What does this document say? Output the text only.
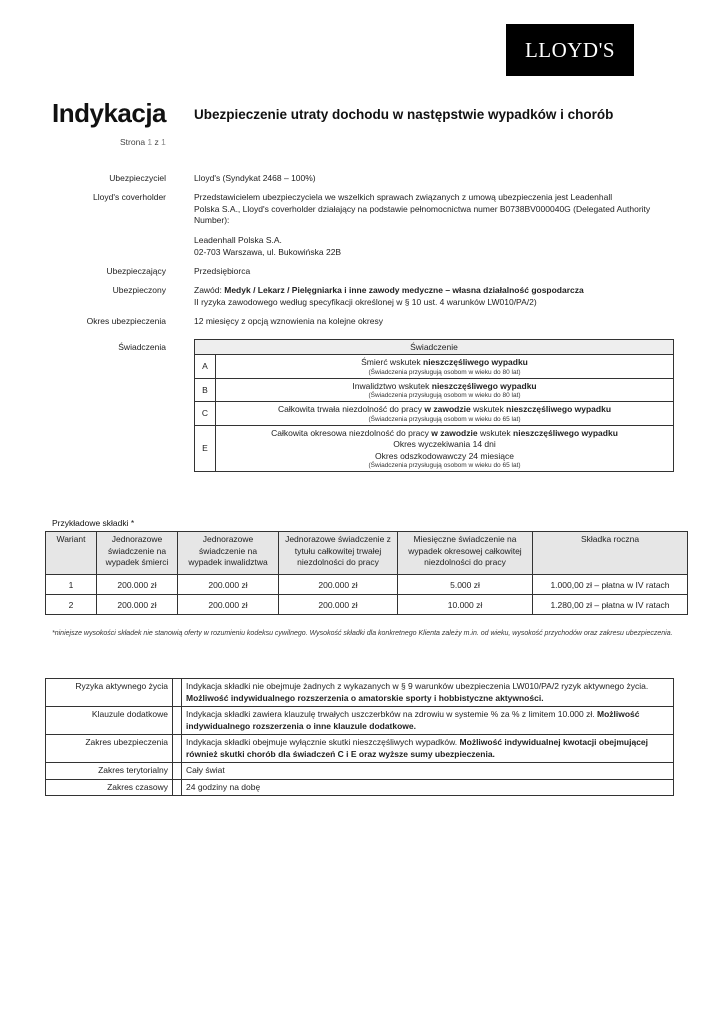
LLOYD'S
Indykacja Ubezpieczenie utraty dochodu w następstwie wypadków i chorób
Strona 1 z 1
Ubezpieczyciel	Lloyd's (Syndykat 2468 – 100%)
Lloyd's coverholder	Przedstawicielem ubezpieczyciela we wszelkich sprawach związanych z umową ubezpieczenia jest Leadenhall
Polska S.A., Lloyd's coverholder działający na podstawie pełnomocnictwa numer B0738BV000040G (Delegated Authority
Number):
Leadenhall Polska S.A.
02-703 Warszawa, ul. Bukowińska 22B
Ubezpieczający	Przedsiębiorca
Ubezpieczony	Zawód: Medyk / Lekarz / Pielęgniarka i inne zawody medyczne – własna działalność gospodarcza
II ryzyka zawodowego według specyfikacji określonej w § 10 ust. 4 warunków LW010/PA/2)
Okres ubezpieczenia	12 miesięcy z opcją wznowienia na kolejne okresy
Świadczenia	Świadczenie	
A	Śmierć wskutek nieszczęśliwego wypadku
(Świadczenia przysługują osobom w wieku do 80 lat)

B	Inwalidztwo wskutek nieszczęśliwego wypadku
(Świadczenia przysługują osobom w wieku do 80 lat)

C	Całkowita trwała niezdolność do pracy w zawodzie wskutek nieszczęśliwego wypadku
(Świadczenia przysługują osobom w wieku do 65 lat)

E	Całkowita okresowa niezdolność do pracy w zawodzie wskutek nieszczęśliwego wypadku
Okres wyczekiwania 14 dni
Okres odszkodowawczy 24 miesiące
(Świadczenia przysługują osobom w wieku do 65 lat)
Przykładowe składki *
Wariant	Jednorazowe świadczenie na wypadek śmierci	Jednorazowe świadczenie na wypadek inwalidztwa	Jednorazowe świadczenie z tytułu całkowitej trwałej niezdolności do pracy	Miesięczne świadczenie na wypadek okresowej całkowitej niezdolności do pracy	Składka roczna
1	200.000 zł	200.000 zł	200.000 zł	5.000 zł	1.000,00 zł – płatna w IV ratach
2	200.000 zł	200.000 zł	200.000 zł	10.000 zł	1.280,00 zł – płatna w IV ratach
*niniejsze wysokości składek nie stanowią oferty w rozumieniu kodeksu cywilnego. Wysokość składki dla konkretnego Klienta zależy m.in. od wieku, wysokość przychodów oraz zakresu ubezpieczenia.
Ryzyka aktywnego życia		Indykacja składki nie obejmuje żadnych z wykazanych w § 9 warunków ubezpieczenia LW010/PA/2 ryzyk aktywnego życia. Możliwość indywidualnego rozszerzenia o amatorskie sporty i hobbistyczne aktywności.
Klauzule dodatkowe		Indykacja składki zawiera klauzulę trwałych uszczerbków na zdrowiu w systemie % za % z limitem 10.000 zł. Możliwość indywidualnego rozszerzenia o inne klauzule dodatkowe.
Zakres ubezpieczenia		Indykacja składki obejmuje wyłącznie skutki nieszczęśliwych wypadków. Możliwość indywidualnej kwotacji obejmującej również skutki chorób dla świadczeń C i E oraz wyższe sumy ubezpieczenia.
Zakres terytorialny		Cały świat
Zakres czasowy		24 godziny na dobę
